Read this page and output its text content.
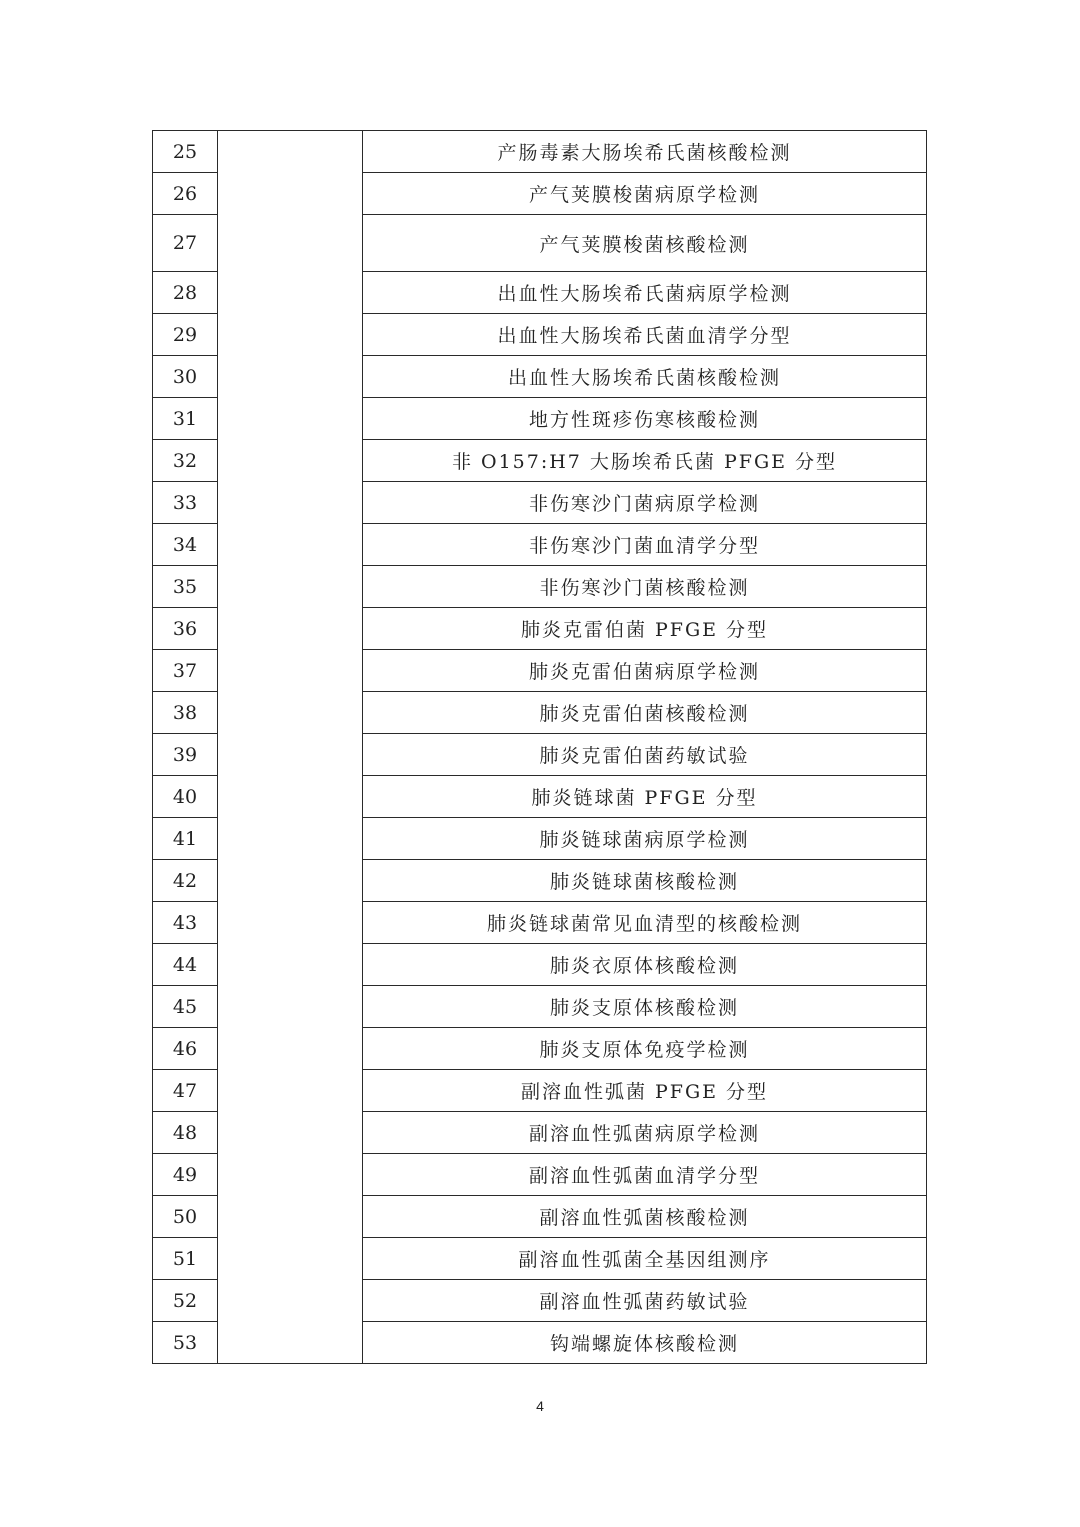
25		产肠毒素大肠埃希氏菌核酸检测
26		产气荚膜梭菌病原学检测
27		产气荚膜梭菌核酸检测
28		出血性大肠埃希氏菌病原学检测
29		出血性大肠埃希氏菌血清学分型
30		出血性大肠埃希氏菌核酸检测
31		地方性斑疹伤寒核酸检测
32		非 O157:H7 大肠埃希氏菌 PFGE 分型
33		非伤寒沙门菌病原学检测
34		非伤寒沙门菌血清学分型
35		非伤寒沙门菌核酸检测
36		肺炎克雷伯菌 PFGE 分型
37		肺炎克雷伯菌病原学检测
38		肺炎克雷伯菌核酸检测
39		肺炎克雷伯菌药敏试验
40		肺炎链球菌 PFGE 分型
41		肺炎链球菌病原学检测
42		肺炎链球菌核酸检测
43		肺炎链球菌常见血清型的核酸检测
44		肺炎衣原体核酸检测
45		肺炎支原体核酸检测
46		肺炎支原体免疫学检测
47		副溶血性弧菌 PFGE 分型
48		副溶血性弧菌病原学检测
49		副溶血性弧菌血清学分型
50		副溶血性弧菌核酸检测
51		副溶血性弧菌全基因组测序
52		副溶血性弧菌药敏试验
53		钩端螺旋体核酸检测
4
